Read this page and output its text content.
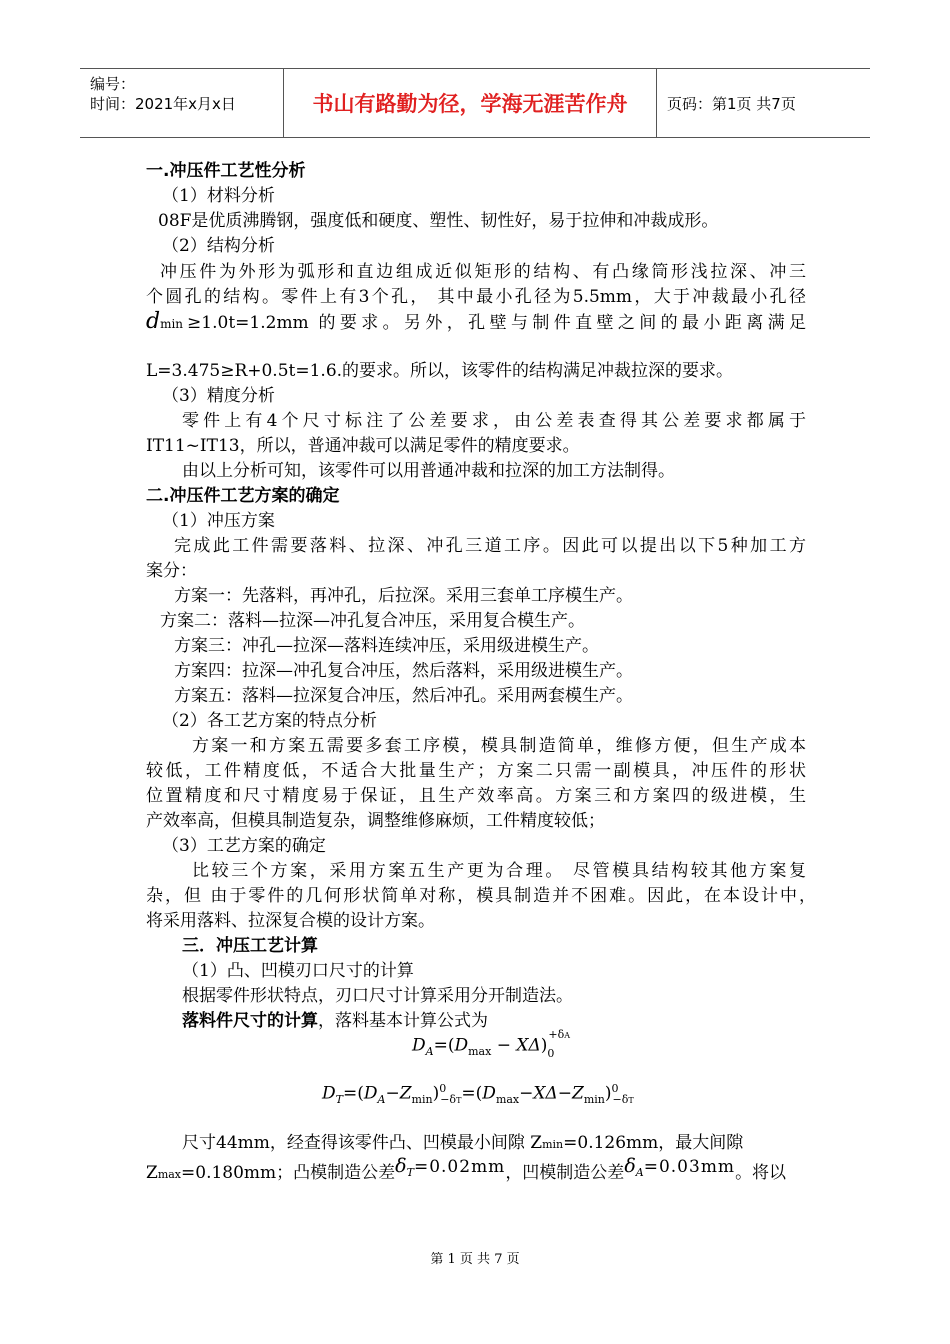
编号：
时间：2021年x月x日	书山有路勤为径，学海无涯苦作舟	页码：第1页 共7页
一.冲压件工艺性分析
（1）材料分析
08F是优质沸腾钢，强度低和硬度、塑性、韧性好，易于拉伸和冲裁成形。
（2）结构分析
冲压件为外形为弧形和直边组成近似矩形的结构、有凸缘筒形浅拉深、冲三
个圆孔的结构。零件上有3个孔， 其中最小孔径为5.5mm，大于冲裁最小孔径
d min ≥1.0t=1.2mm 的要求。另外，孔壁与制件直壁之间的最小距离满足
L=3.475≥R+0.5t=1.6.的要求。所以，该零件的结构满足冲裁拉深的要求。
（3）精度分析
零件上有4个尺寸标注了公差要求，由公差表查得其公差要求都属于
IT11~IT13，所以，普通冲裁可以满足零件的精度要求。
由以上分析可知，该零件可以用普通冲裁和拉深的加工方法制得。
二.冲压件工艺方案的确定
（1）冲压方案
完成此工件需要落料、拉深、冲孔三道工序。因此可以提出以下5种加工方
案分：
方案一：先落料，再冲孔，后拉深。采用三套单工序模生产。
方案二：落料—拉深—冲孔复合冲压，采用复合模生产。
方案三：冲孔—拉深—落料连续冲压，采用级进模生产。
方案四：拉深—冲孔复合冲压，然后落料，采用级进模生产。
方案五：落料—拉深复合冲压，然后冲孔。采用两套模生产。
（2）各工艺方案的特点分析
方案一和方案五需要多套工序模，模具制造简单，维修方便，但生产成本
较低，工件精度低，不适合大批量生产；方案二只需一副模具，冲压件的形状
位置精度和尺寸精度易于保证，且生产效率高。方案三和方案四的级进模，生
产效率高，但模具制造复杂，调整维修麻烦，工件精度较低；
（3）工艺方案的确定
比较三个方案，采用方案五生产更为合理。 尽管模具结构较其他方案复
杂，但 由于零件的几何形状简单对称，模具制造并不困难。因此，在本设计中，
将采用落料、拉深复合模的设计方案。
三．冲压工艺计算
（1）凸、凹模刃口尺寸的计算
根据零件形状特点，刃口尺寸计算采用分开制造法。
落料件尺寸的计算，落料基本计算公式为
$D_A=(D_{max} - X\Delta)_0^{+\delta A}$
$D_T=(D_A-Z_{min})^0_{-\delta T}=(D_{max}-X\Delta-Z_{min})^0_{-\delta T}$
尺寸44mm，经查得该零件凸、凹模最小间隙 Zmin=0.126mm，最大间隙
Zmax=0.180mm；凸模制造公差δT=0.02mm，凹模制造公差δA=0.03mm。将以
第 1 页 共 7 页
